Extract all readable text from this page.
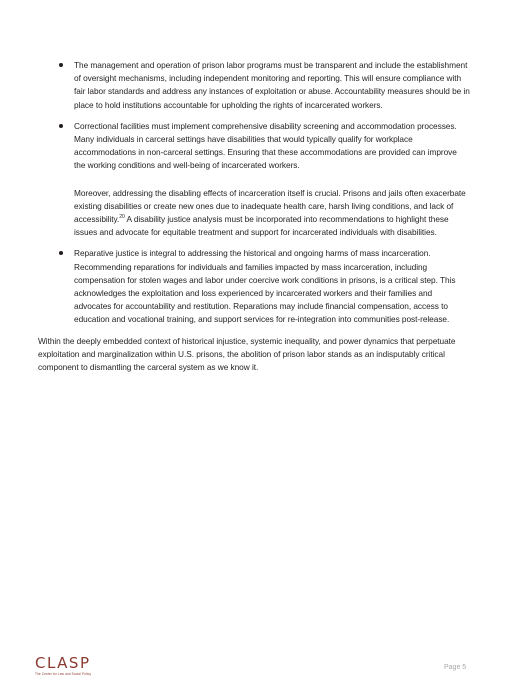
The management and operation of prison labor programs must be transparent and include the establishment of oversight mechanisms, including independent monitoring and reporting. This will ensure compliance with fair labor standards and address any instances of exploitation or abuse. Accountability measures should be in place to hold institutions accountable for upholding the rights of incarcerated workers.

Correctional facilities must implement comprehensive disability screening and accommodation processes. Many individuals in carceral settings have disabilities that would typically qualify for workplace accommodations in non-carceral settings. Ensuring that these accommodations are provided can improve the working conditions and well-being of incarcerated workers.

Moreover, addressing the disabling effects of incarceration itself is crucial. Prisons and jails often exacerbate existing disabilities or create new ones due to inadequate health care, harsh living conditions, and lack of accessibility.$^{20}$ A disability justice analysis must be incorporated into recommendations to highlight these issues and advocate for equitable treatment and support for incarcerated individuals with disabilities.

Reparative justice is integral to addressing the historical and ongoing harms of mass incarceration. Recommending reparations for individuals and families impacted by mass incarceration, including compensation for stolen wages and labor under coercive work conditions in prisons, is a critical step. This acknowledges the exploitation and loss experienced by incarcerated workers and their families and advocates for accountability and restitution. Reparations may include financial compensation, access to education and vocational training, and support services for re-integration into communities post-release.

Within the deeply embedded context of historical injustice, systemic inequality, and power dynamics that perpetuate exploitation and marginalization within U.S. prisons, the abolition of prison labor stands as an indisputably critical component to dismantling the carceral system as we know it.

CLASP
The Center for Law and Social Policy
Page 5
